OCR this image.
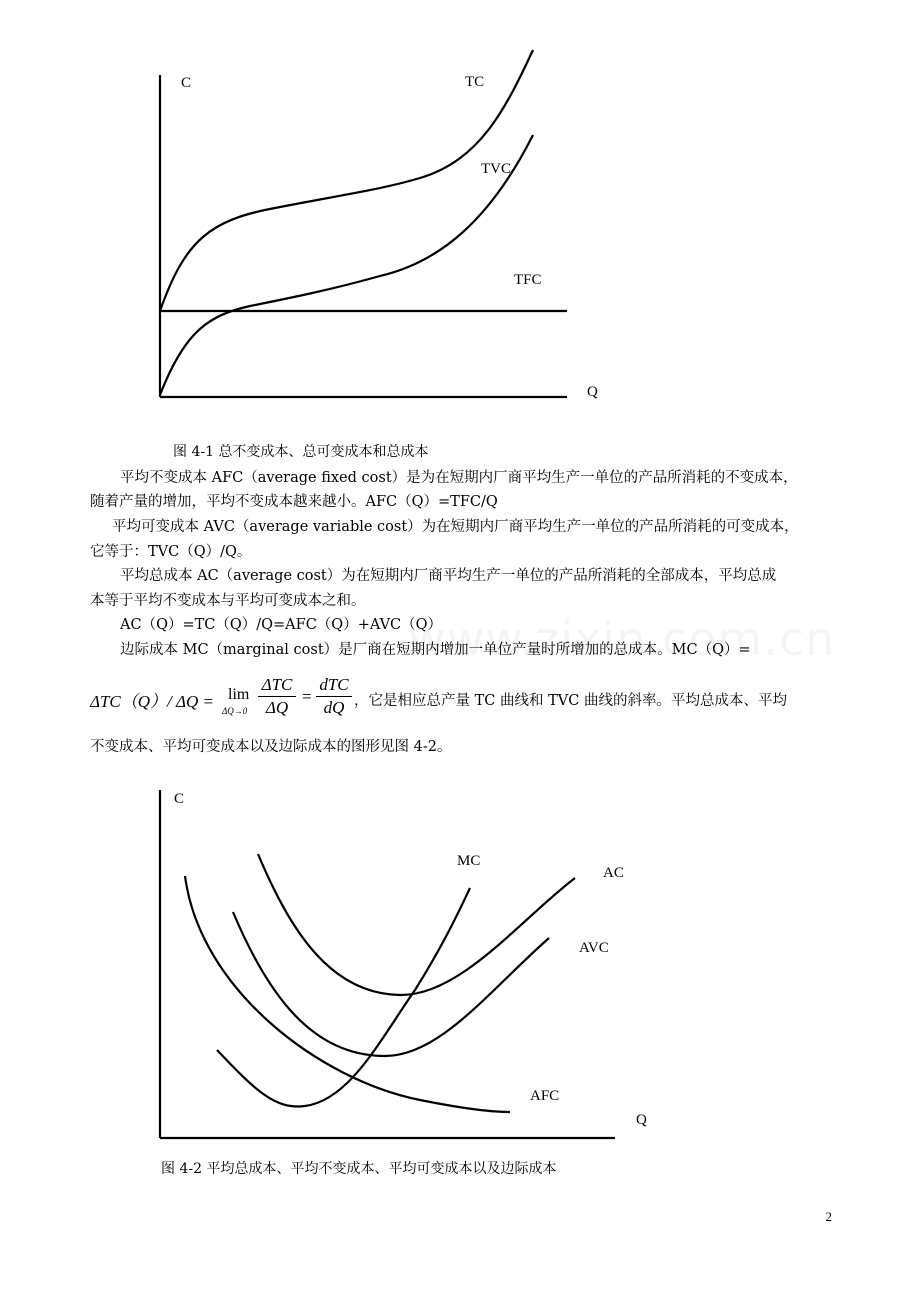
C
Q
TC
TVC
TFC
图 4-1 总不变成本、总可变成本和总成本
平均不变成本 AFC（average fixed cost）是为在短期内厂商平均生产一单位的产品所消耗的不变成本，
随着产量的增加，平均不变成本越来越小。AFC（Q）=TFC/Q
平均可变成本 AVC（average variable cost）为在短期内厂商平均生产一单位的产品所消耗的可变成本，
它等于：TVC（Q）/Q。
平均总成本 AC（average cost）为在短期内厂商平均生产一单位的产品所消耗的全部成本，平均总成
本等于平均不变成本与平均可变成本之和。
AC（Q）=TC（Q）/Q=AFC（Q）+AVC（Q）
边际成本 MC（marginal cost）是厂商在短期内增加一单位产量时所增加的总成本。MC（Q）=
ΔTC（Q）/ ΔQ = lim
ΔQ→0
ΔTC
ΔQ
=
dTC
dQ ，它是相应总产量 TC 曲线和 TVC 曲线的斜率。平均总成本、平均
不变成本、平均可变成本以及边际成本的图形见图 4-2。
C
Q
MC
AC
AVC
AFC
图 4-2 平均总成本、平均不变成本、平均可变成本以及边际成本
2
